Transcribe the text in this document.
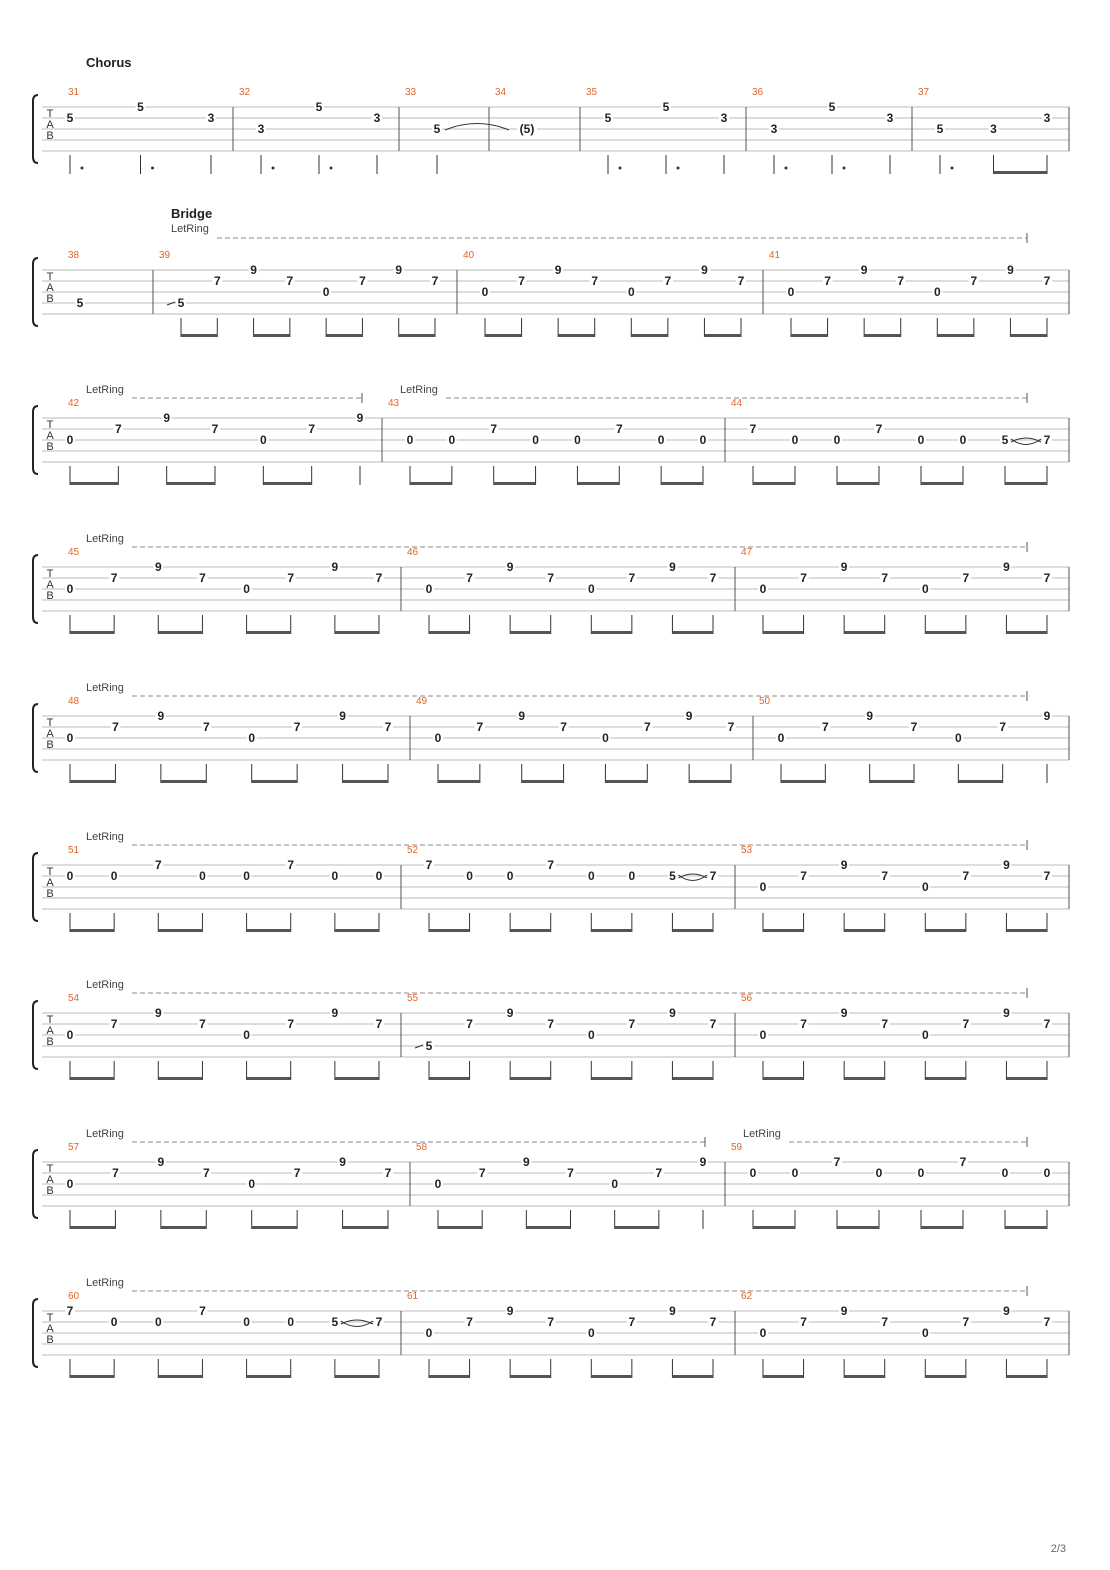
T
A
B
Chorus
31
5
5
3
32
3
5
3
33
5
34
(5)
35
5
5
3
36
3
5
3
37
5	3
3
T
A
B
Bridge
38
5
39
5
7
9
7
0
7
9
7
40
0
7
9
7
0
7
9
7
41
0
7
9
7
0
7
9
7
LetRing
T
A
B
42
0
7
9
7
0
7
9
43
0	0
7
0	0
7
0	0
44
7
0	0
7
0	0	5	7
LetRing	LetRing
T
A
B
45
0
7
9
7
0
7
9
7
46
0
7
9
7
0
7
9
7
47
0
7
9
7
0
7
9
7
LetRing
T
A
B
48
0
7
9
7
0
7
9
7
49
0
7
9
7
0
7
9
7
50
0
7
9
7
0
7
9
LetRing
T
A
B
51
0	0
7
0	0
7
0	0
52
7
0	0
7
0	0	5	7
53
0
7
9
7
0
7
9
7
LetRing
T
A
B
54
0
7
9
7
0
7
9
7
55
5
7
9
7
0
7
9
7
56
0
7
9
7
0
7
9
7
LetRing
T
A
B
57
0
7
9
7
0
7
9
7
58
0
7
9
7
0
7
9
59
0	0
7
0	0
7
0	0
LetRing	LetRing
T
A
B
60
7
0	0
7
0	0	5	7
61
0
7
9
7
0
7
9
7
62
0
7
9
7
0
7
9
7
LetRing
2/3
